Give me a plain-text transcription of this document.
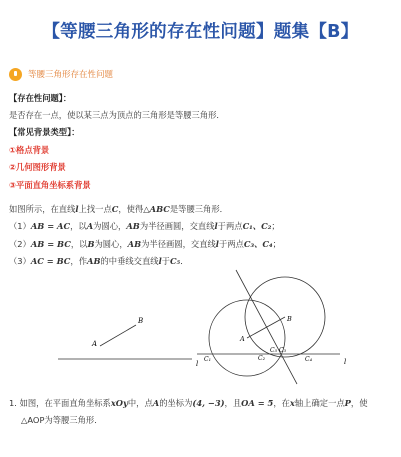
【等腰三角形的存在性问题】题集【B】
等腰三角形存在性问题
【存在性问题】：
是否存在一点，使以某三点为顶点的三角形是等腰三角形．
【常见背景类型】：
①格点背景
②几何图形背景
③平面直角坐标系背景
如图所示，在直线l上找一点C，使得△ABC是等腰三角形．
（1）AB = AC，以A为圆心，AB为半径画圆，交直线l于两点C₁、C₂；
（2）AB = BC，以B为圆心，AB为半径画圆，交直线l于两点C₃、C₄；
（3）AC = BC，作AB的中垂线交直线l于C₅．
A
B
A
B
C₁	C₂
C₅ C₃
C₄
l	l
1. 如图，在平面直角坐标系xOy中，点A的坐标为(4, −3)，且OA = 5，在x轴上确定一点P，使
△AOP为等腰三角形．
